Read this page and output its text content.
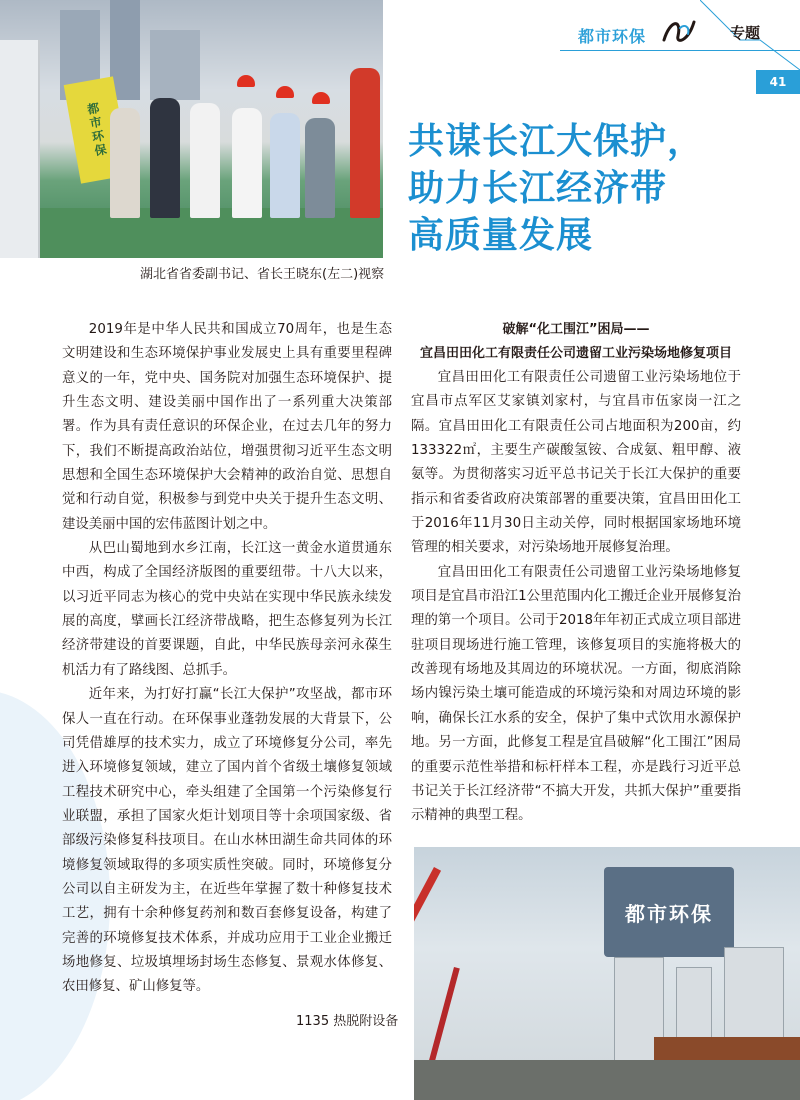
都市环保
湖北省省委副书记、省长王晓东(左二)视察
都市环保	专题
41
共谋长江大保护，
助力长江经济带
高质量发展

2019年是中华人民共和国成立70周年，也是生态文明建设和生态环境保护事业发展史上具有重要里程碑意义的一年，党中央、国务院对加强生态环境保护、提升生态文明、建设美丽中国作出了一系列重大决策部署。作为具有责任意识的环保企业，在过去几年的努力下，我们不断提高政治站位，增强贯彻习近平生态文明思想和全国生态环境保护大会精神的政治自觉、思想自觉和行动自觉，积极参与到党中央关于提升生态文明、建设美丽中国的宏伟蓝图计划之中。

从巴山蜀地到水乡江南，长江这一黄金水道贯通东中西，构成了全国经济版图的重要纽带。十八大以来，以习近平同志为核心的党中央站在实现中华民族永续发展的高度，擘画长江经济带战略，把生态修复列为长江经济带建设的首要课题，自此，中华民族母亲河永葆生机活力有了路线图、总抓手。

近年来，为打好打赢“长江大保护”攻坚战，都市环保人一直在行动。在环保事业蓬勃发展的大背景下，公司凭借雄厚的技术实力，成立了环境修复分公司，率先进入环境修复领域，建立了国内首个省级土壤修复领域工程技术研究中心，牵头组建了全国第一个污染修复行业联盟，承担了国家火炬计划项目等十余项国家级、省部级污染修复科技项目。在山水林田湖生命共同体的环境修复领域取得的多项实质性突破。同时，环境修复分公司以自主研发为主，在近些年掌握了数十种修复技术工艺，拥有十余种修复药剂和数百套修复设备，构建了完善的环境修复技术体系，并成功应用于工业企业搬迁场地修复、垃圾填埋场封场生态修复、景观水体修复、农田修复、矿山修复等。

破解“化工围江”困局——
宜昌田田化工有限责任公司遗留工业污染场地修复项目

宜昌田田化工有限责任公司遗留工业污染场地位于宜昌市点军区艾家镇刘家村，与宜昌市伍家岗一江之隔。宜昌田田化工有限责任公司占地面积为200亩，约133322㎡，主要生产碳酸氢铵、合成氨、粗甲醇、液氨等。为贯彻落实习近平总书记关于长江大保护的重要指示和省委省政府决策部署的重要决策，宜昌田田化工于2016年11月30日主动关停，同时根据国家场地环境管理的相关要求，对污染场地开展修复治理。

宜昌田田化工有限责任公司遗留工业污染场地修复项目是宜昌市沿江1公里范围内化工搬迁企业开展修复治理的第一个项目。公司于2018年年初正式成立项目部进驻项目现场进行施工管理，该修复项目的实施将极大的改善现有场地及其周边的环境状况。一方面，彻底消除场内镍污染土壤可能造成的环境污染和对周边环境的影响，确保长江水系的安全，保护了集中式饮用水源保护地。另一方面，此修复工程是宜昌破解“化工围江”困局的重要示范性举措和标杆样本工程，亦是践行习近平总书记关于长江经济带“不搞大开发，共抓大保护”重要指示精神的典型工程。

1135 热脱附设备
都市环保
